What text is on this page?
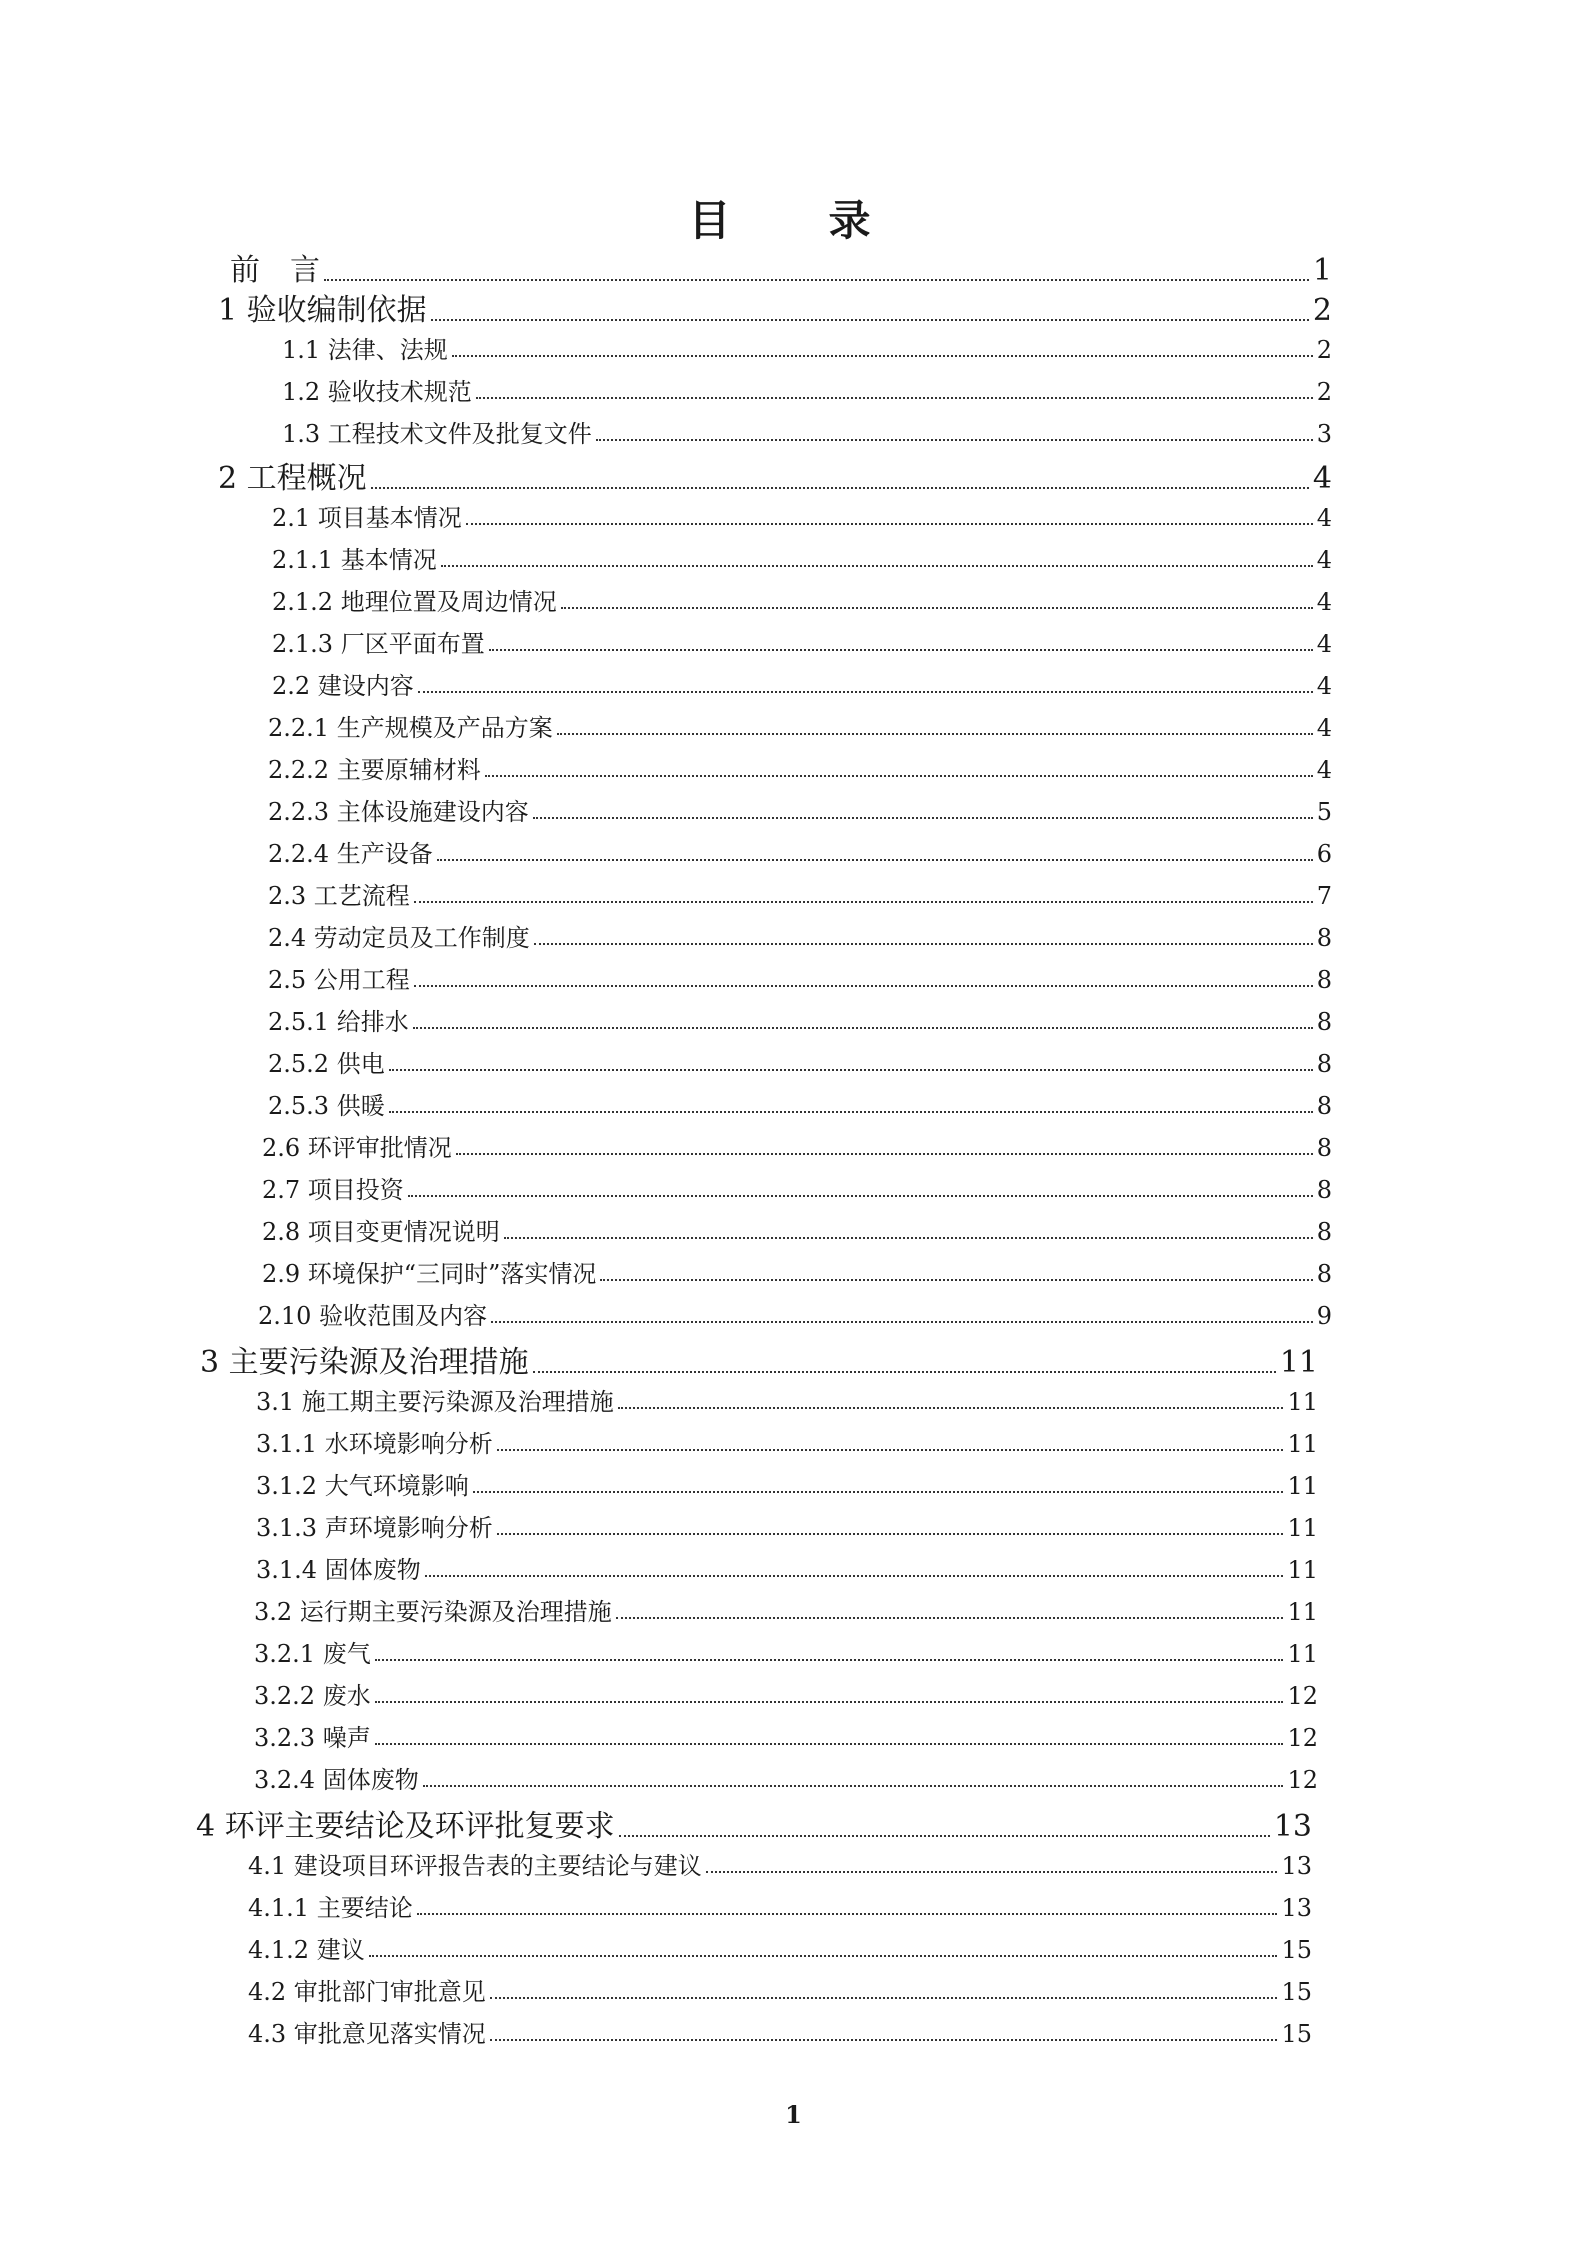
目　录
前　言	1
1 验收编制依据	2
1.1 法律、法规	2
1.2 验收技术规范	2
1.3 工程技术文件及批复文件	3
2 工程概况	4
2.1 项目基本情况	4
2.1.1 基本情况	4
2.1.2 地理位置及周边情况	4
2.1.3 厂区平面布置	4
2.2 建设内容	4
2.2.1 生产规模及产品方案	4
2.2.2 主要原辅材料	4
2.2.3 主体设施建设内容	5
2.2.4 生产设备	6
2.3 工艺流程	7
2.4 劳动定员及工作制度	8
2.5 公用工程	8
2.5.1 给排水	8
2.5.2 供电	8
2.5.3 供暖	8
2.6 环评审批情况	8
2.7 项目投资	8
2.8 项目变更情况说明	8
2.9 环境保护“三同时”落实情况	8
2.10 验收范围及内容	9
3 主要污染源及治理措施	11
3.1 施工期主要污染源及治理措施	11
3.1.1 水环境影响分析	11
3.1.2 大气环境影响	11
3.1.3 声环境影响分析	11
3.1.4 固体废物	11
3.2 运行期主要污染源及治理措施	11
3.2.1 废气	11
3.2.2 废水	12
3.2.3 噪声	12
3.2.4 固体废物	12
4 环评主要结论及环评批复要求	13
4.1 建设项目环评报告表的主要结论与建议	13
4.1.1 主要结论	13
4.1.2 建议	15
4.2 审批部门审批意见	15
4.3 审批意见落实情况	15
1
